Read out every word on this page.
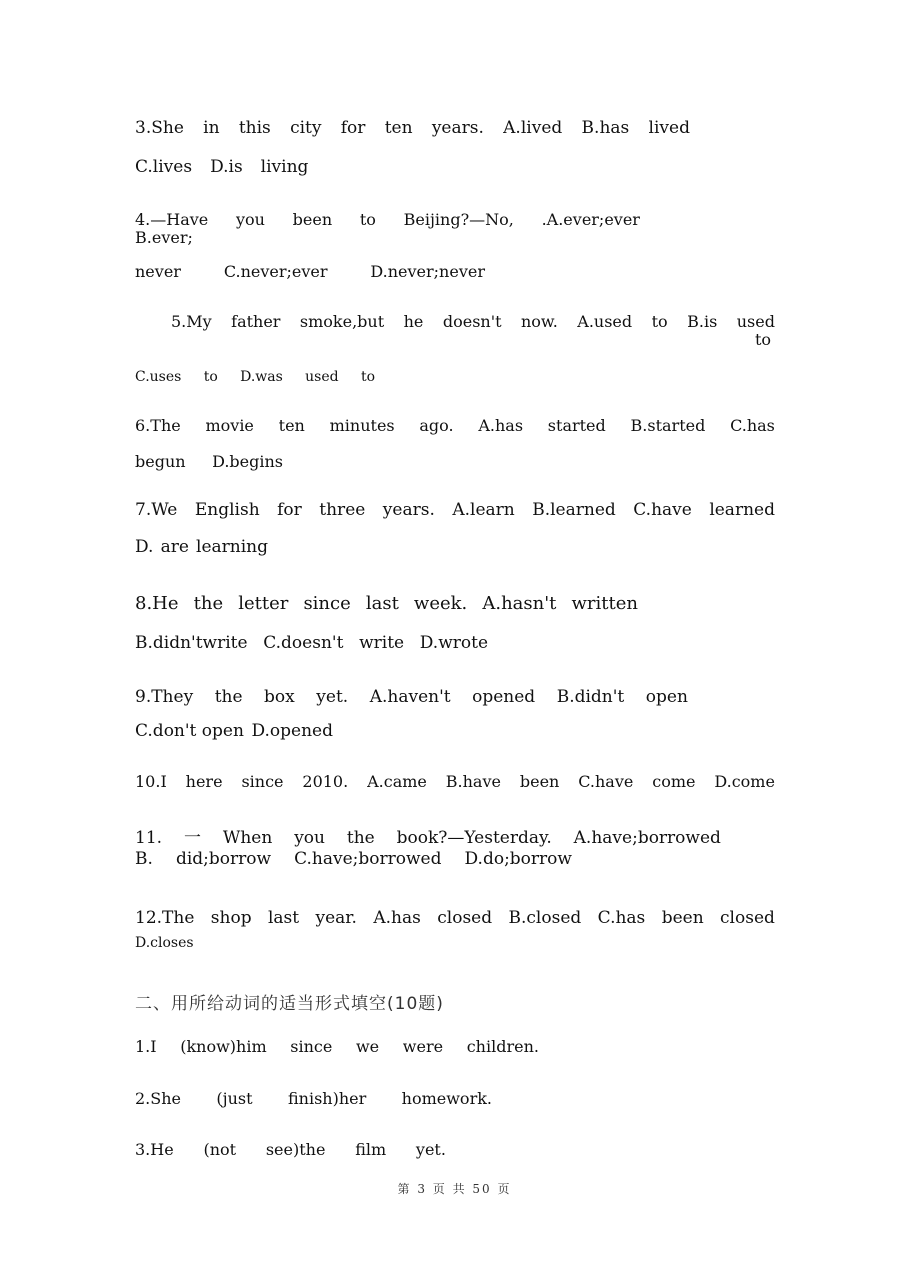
3.She in this city for ten years. A.lived B.has lived
C.lives D.is living
4.—Have you been to Beijing?—No, .A.ever;ever
B.ever;
never	C.never;ever	D.never;never
5.My father smoke,but he doesn't now. A.used to B.is used
to
C.uses to D.was used to
6.The movie ten minutes ago. A.has started B.started C.has
begun D.begins
7.We English for three years. A.learn B.learned C.have learned
D. are learning
8.He the letter since last week. A.hasn't written
B.didn'twrite C.doesn't write D.wrote
9.They the box yet. A.haven't opened B.didn't open
C.don't open D.opened
10.I here since 2010. A.came B.have been C.have come D.come
11. 一 When you the book?—Yesterday. A.have;borrowed
B. did;borrow C.have;borrowed D.do;borrow
12.The shop last year. A.has closed B.closed C.has been closed
D.closes
1.I (know)him since we were children.
2.She (just finish)her homework.
3.He (not see)the film yet.
二、用所给动词的适当形式填空(10题)
第 3 页 共 50 页
